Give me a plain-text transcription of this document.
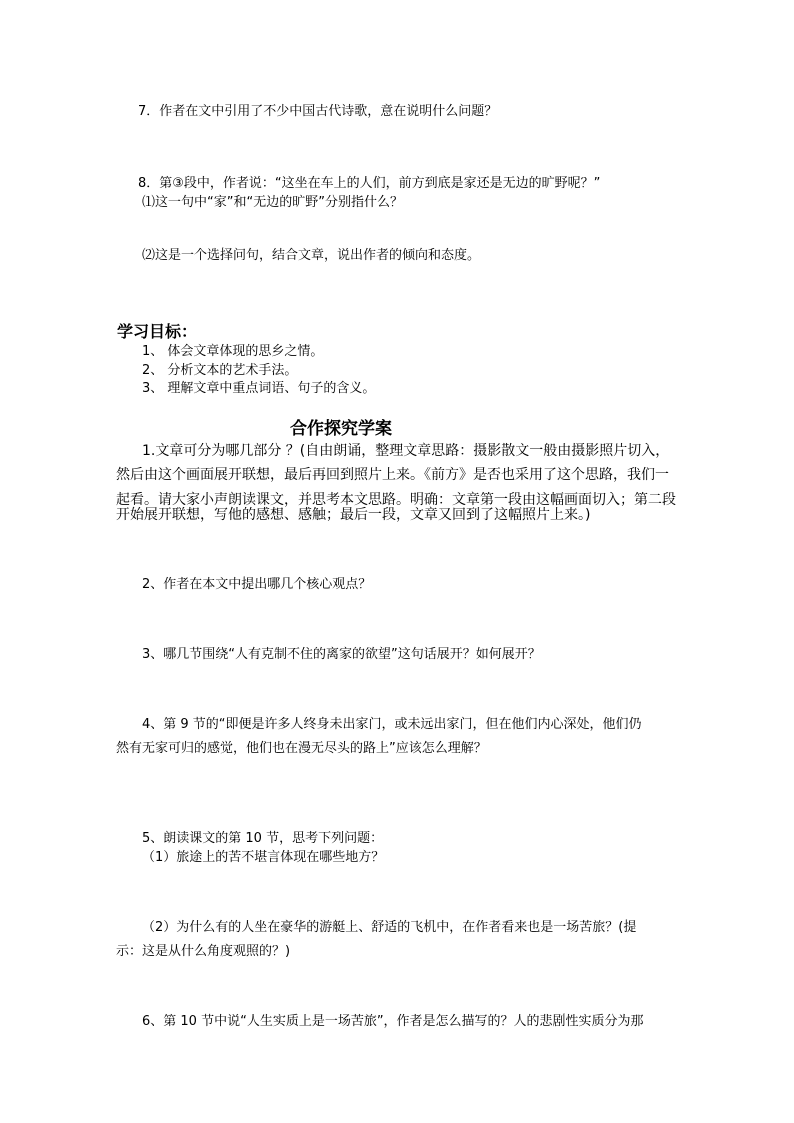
7．作者在文中引用了不少中国古代诗歌，意在说明什么问题？
8．第③段中，作者说：“这坐在车上的人们，前方到底是家还是无边的旷野呢？”
⑴这一句中“家”和“无边的旷野”分别指什么？
⑵这是一个选择问句，结合文章，说出作者的倾向和态度。
学习目标：
1、 体会文章体现的思乡之情。
2、 分析文本的艺术手法。
3、 理解文章中重点词语、句子的含义。
合作探究学案
1.文章可分为哪几部分 ？(自由朗诵，整理文章思路：摄影散文一般由摄影照片切入，
然后由这个画面展开联想，最后再回到照片上来。《前方》是否也采用了这个思路，我们一
起看。请大家小声朗读课文，并思考本文思路。明确：文章第一段由这幅画面切入；第二段
开始展开联想，写他的感想、感触；最后一段，文章又回到了这幅照片上来。)
2、作者在本文中提出哪几个核心观点？
3、哪几节围绕“人有克制不住的离家的欲望”这句话展开？如何展开？
4、第 9 节的“即便是许多人终身未出家门，或未远出家门，但在他们内心深处，他们仍
然有无家可归的感觉，他们也在漫无尽头的路上”应该怎么理解？
5、朗读课文的第 10 节，思考下列问题：
（1）旅途上的苦不堪言体现在哪些地方？
（2）为什么有的人坐在豪华的游艇上、舒适的飞机中，在作者看来也是一场苦旅？(提
示：这是从什么角度观照的？)
6、第 10 节中说“人生实质上是一场苦旅”，作者是怎么描写的？人的悲剧性实质分为那
